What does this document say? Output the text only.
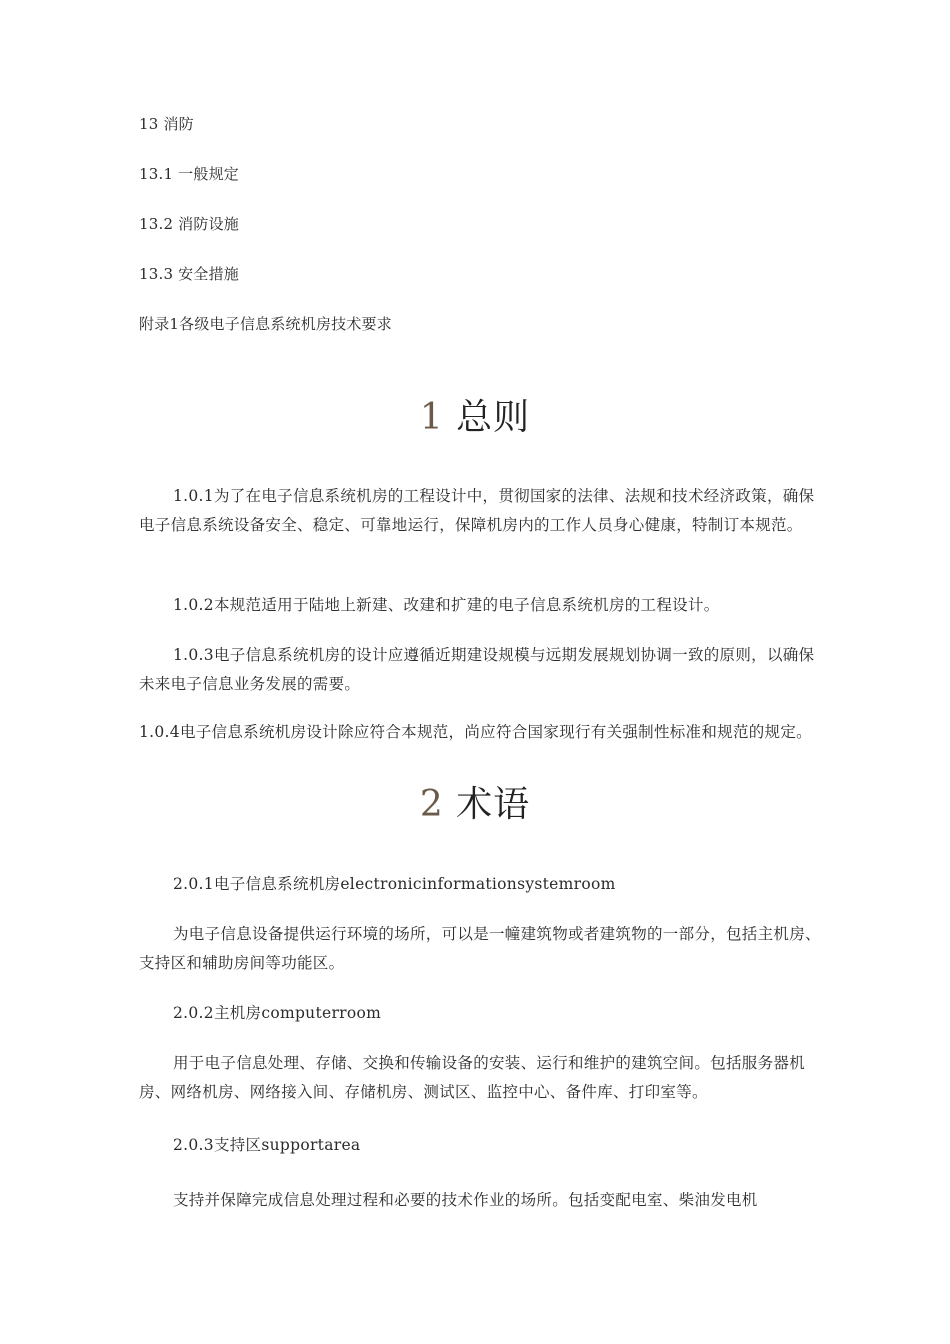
13 消防
13.1 一般规定
13.2 消防设施
13.3 安全措施
附录1各级电子信息系统机房技术要求
1 总则
1.0.1为了在电子信息系统机房的工程设计中，贯彻国家的法律、法规和技术经济政策，确保电子信息系统设备安全、稳定、可靠地运行，保障机房内的工作人员身心健康，特制订本规范。
1.0.2本规范适用于陆地上新建、改建和扩建的电子信息系统机房的工程设计。
1.0.3电子信息系统机房的设计应遵循近期建设规模与远期发展规划协调一致的原则，以确保未来电子信息业务发展的需要。
1.0.4电子信息系统机房设计除应符合本规范，尚应符合国家现行有关强制性标准和规范的规定。
2 术语
2.0.1电子信息系统机房electronicinformationsystemroom
为电子信息设备提供运行环境的场所，可以是一幢建筑物或者建筑物的一部分，包括主机房、支持区和辅助房间等功能区。
2.0.2主机房computerroom
用于电子信息处理、存储、交换和传输设备的安装、运行和维护的建筑空间。包括服务器机房、网络机房、网络接入间、存储机房、测试区、监控中心、备件库、打印室等。
2.0.3支持区supportarea
支持并保障完成信息处理过程和必要的技术作业的场所。包括变配电室、柴油发电机
